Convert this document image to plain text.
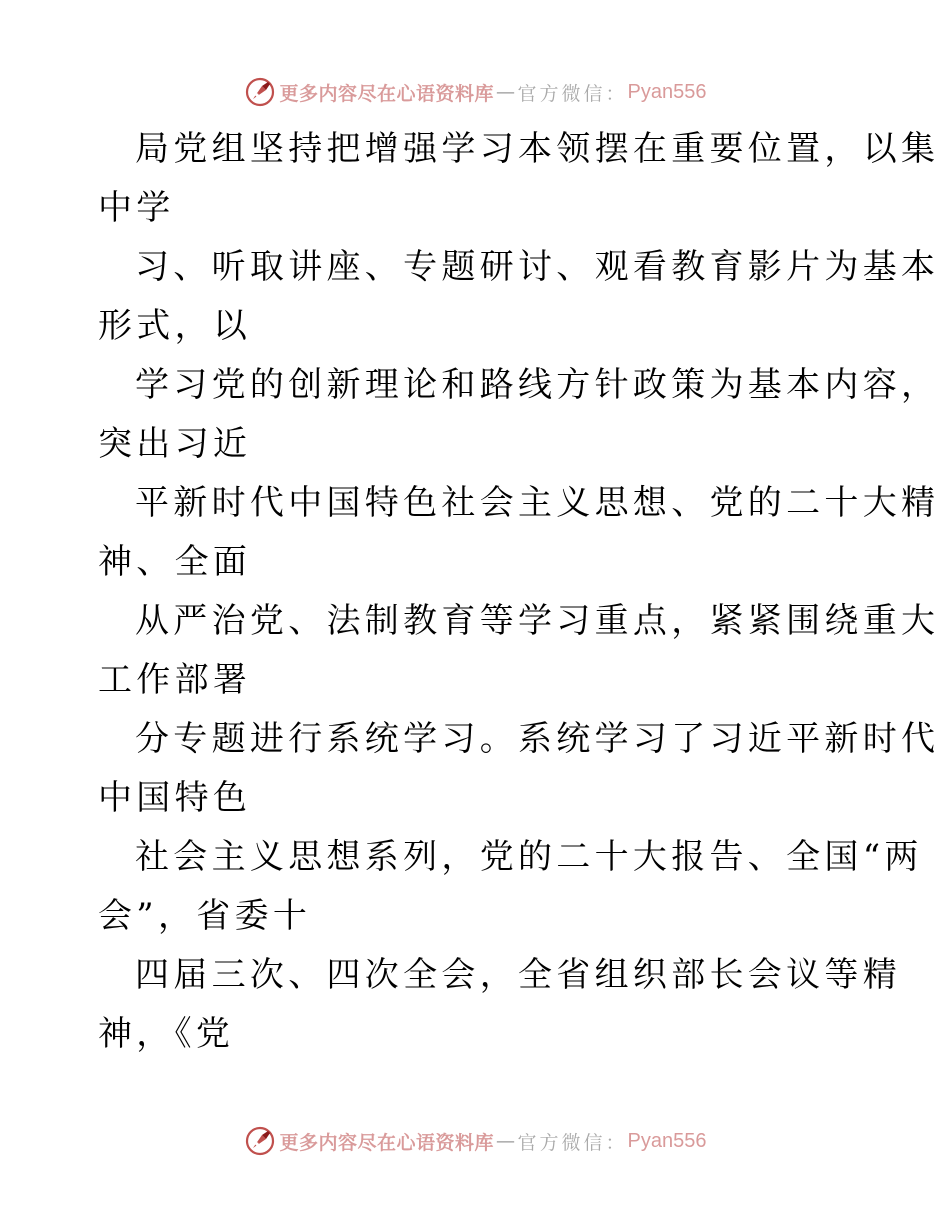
更多内容尽在心语资料库 — 官方微信： Pyan556
局党组坚持把增强学习本领摆在重要位置，以集
中学
习、听取讲座、专题研讨、观看教育影片为基本
形式，以
学习党的创新理论和路线方针政策为基本内容，
突出习近
平新时代中国特色社会主义思想、党的二十大精
神、全面
从严治党、法制教育等学习重点，紧紧围绕重大
工作部署
分专题进行系统学习。系统学习了习近平新时代
中国特色
社会主义思想系列，党的二十大报告、全国“两
会”，省委十
四届三次、四次全会，全省组织部长会议等精
神，《党
更多内容尽在心语资料库 — 官方微信： Pyan556
